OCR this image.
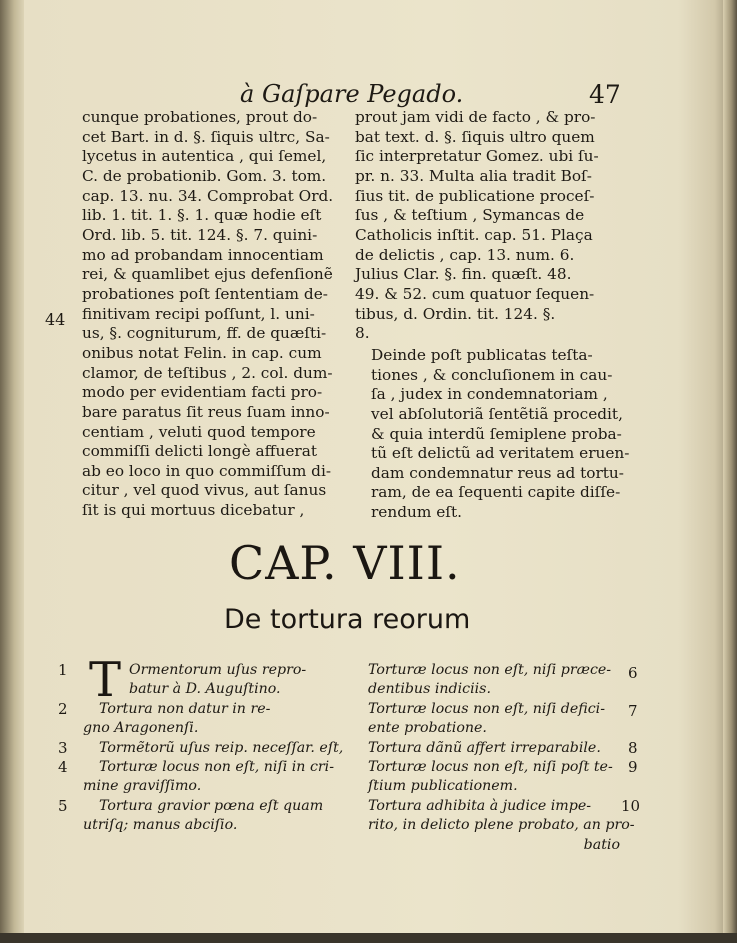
à Gaſpare Pegado.	47
cunque probationes, prout do-
cet Bart. in d. §. ſiquis ultrc, Sa-
lycetus in autentica , qui ſemel,
C. de probationib. Gom. 3. tom.
cap. 13. nu. 34. Comprobat Ord.
lib. 1. tit. 1. §. 1. quæ hodie eſt
Ord. lib. 5. tit. 124. §. 7. quini-
mo ad probandam innocentiam
rei, & quamlibet ejus defenſionẽ
probationes poſt ſententiam de-
finitivam recipi poſſunt, l. uni-
us, §. cogniturum, ff. de quæſti-
onibus notat Felin. in cap. cum
clamor, de teſtibus , 2. col. dum-
modo per evidentiam facti pro-
bare paratus ſit reus ſuam inno-
centiam , veluti quod tempore
commiſſi delicti longè affuerat
ab eo loco in quo commiſſum di-
citur , vel quod vivus, aut ſanus
ſit is qui mortuus dicebatur ,
prout jam vidi de facto , & pro-
bat text. d. §. ſiquis ultro quem
ſic interpretatur Gomez. ubi ſu-
pr. n. 33. Multa alia tradit Boſ-
ſius tit. de publicatione proceſ-
ſus , & teſtium , Symancas de
Catholicis inſtit. cap. 51. Plaça
de delictis , cap. 13. num. 6.
Julius Clar. §. fin. quæſt. 48.
49. & 52. cum quatuor ſequen-
tibus, d. Ordin. tit. 124. §.
8.
Deinde poſt publicatas teſta-
tiones , & concluſionem in cau-
ſa , judex in condemnatoriam ,
vel abſolutoriã ſentẽtiã procedit,
& quia interdũ ſemiplene proba-
tũ eſt delictũ ad veritatem eruen-
dam condemnatur reus ad tortu-
ram, de ea ſequenti capite diſſe-
rendum eſt.
44
CAP. VIII.
De tortura reorum
T Ormentorum uſus repro-
batur à D. Auguſtino.
Tortura non datur in re-
gno Aragonenſi.
Tormẽtorũ uſus reip. neceſſar. eſt,
Torturæ locus non eſt, niſi in cri-
mine graviſſimo.
Tortura gravior pœna eſt quam
utriſq; manus abciſio.
Torturæ locus non eſt, niſi præce-
dentibus indiciis.
Torturæ locus non eſt, niſi defici-
ente probatione.
Tortura dãnũ affert irreparabile.
Torturæ locus non eſt, niſi poſt te-
ſtium publicationem.
Tortura adhibita à judice impe-
rito, in delicto plene probato, an pro-
batio
1
2
3
4
5
6
7
8
9
10
